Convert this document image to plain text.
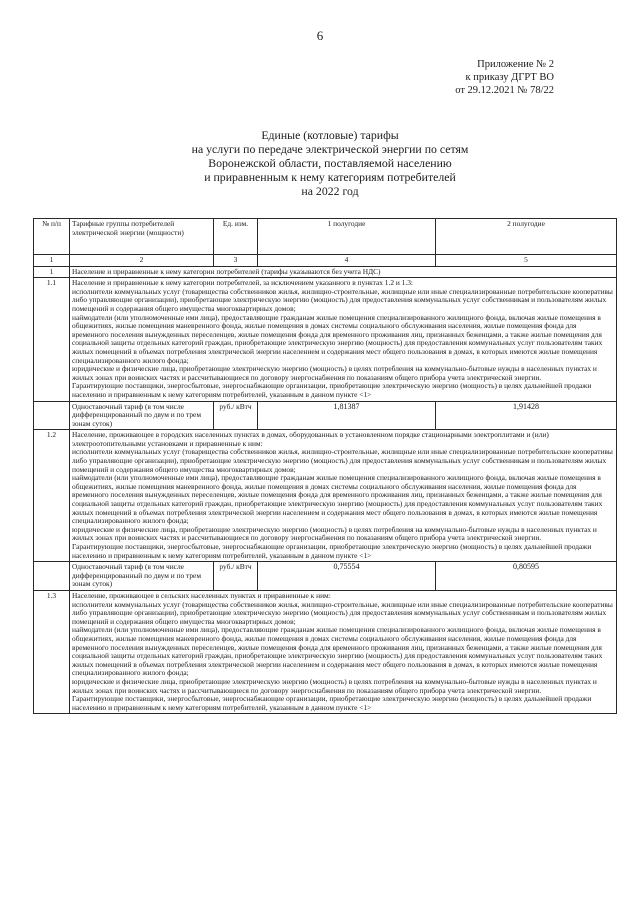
6
Приложение № 2
к приказу ДГРТ ВО
от 29.12.2021 № 78/22
Единые (котловые) тарифы
на услуги по передаче электрической энергии по сетям
Воронежской области, поставляемой населению
и приравненным к нему категориям потребителей
на 2022 год
№ п/п	Тарифные группы потребителей электрической энергии (мощности)	Ед. изм.	1 полугодие	2 полугодие
1	2	3	4	5
1	Население и приравненные к нему категории потребителей (тарифы указываются без учета НДС)			
1.1	Население и приравненные к нему категории потребителей, за исключением указанного в пунктах 1.2 и 1.3:

исполнители коммунальных услуг (товарищества собственников жилья, жилищно-строительные, жилищные или иные специализированные потребительские кооперативы либо управляющие организации), приобретающие электрическую энергию (мощность) для предоставления коммунальных услуг собственникам и пользователям жилых помещений и содержания общего имущества многоквартирных домов;

наймодатели (или уполномоченные ими лица), предоставляющие гражданам жилые помещения специализированного жилищного фонда, включая жилые помещения в общежитиях, жилые помещения маневренного фонда, жилые помещения в домах системы социального обслуживания населения, жилые помещения фонда для временного поселения вынужденных переселенцев, жилые помещения фонда для временного проживания лиц, признанных беженцами, а также жилые помещения для социальной защиты отдельных категорий граждан, приобретающие электрическую энергию (мощность) для предоставления коммунальных услуг пользователям таких жилых помещений в объемах потребления электрической энергии населением и содержания мест общего пользования в домах, в которых имеются жилые помещения специализированного жилого фонда;

юридические и физические лица, приобретающие электрическую энергию (мощность) в целях потребления на коммунально-бытовые нужды в населенных пунктах и жилых зонах при воинских частях и рассчитывающиеся по договору энергоснабжения по показаниям общего прибора учета электрической энергии.

Гарантирующие поставщики, энергосбытовые, энергоснабжающие организации, приобретающие электрическую энергию (мощность) в целях дальнейшей продажи населению и приравненным к нему категориям потребителей, указанным в данном пункте <1>			

	Одноставочный тариф (в том числе дифференцированный по двум и по трем зонам суток)	руб./ кВтч	1,81387	1,91428
1.2	Население, проживающее в городских населенных пунктах в домах, оборудованных в установленном порядке стационарными электроплитами и (или) электроотопительными установками и приравненные к ним:

исполнители коммунальных услуг (товарищества собственников жилья, жилищно-строительные, жилищные или иные специализированные потребительские кооперативы либо управляющие организации), приобретающие электрическую энергию (мощность) для предоставления коммунальных услуг собственникам и пользователям жилых помещений и содержания общего имущества многоквартирных домов;

наймодатели (или уполномоченные ими лица), предоставляющие гражданам жилые помещения специализированного жилищного фонда, включая жилые помещения в общежитиях, жилые помещения маневренного фонда, жилые помещения в домах системы социального обслуживания населения, жилые помещения фонда для временного поселения вынужденных переселенцев, жилые помещения фонда для временного проживания лиц, признанных беженцами, а также жилые помещения для социальной защиты отдельных категорий граждан, приобретающие электрическую энергию (мощность) для предоставления коммунальных услуг пользователям таких жилых помещений в объемах потребления электрической энергии населением и содержания мест общего пользования в домах, в которых имеются жилые помещения специализированного жилого фонда;

юридические и физические лица, приобретающие электрическую энергию (мощность) в целях потребления на коммунально-бытовые нужды в населенных пунктах и жилых зонах при воинских частях и рассчитывающиеся по договору энергоснабжения по показаниям общего прибора учета электрической энергии.

Гарантирующие поставщики, энергосбытовые, энергоснабжающие организации, приобретающие электрическую энергию (мощность) в целях дальнейшей продажи населению и приравненным к нему категориям потребителей, указанным в данном пункте <1>			

	Одноставочный тариф (в том числе дифференцированный по двум и по трем зонам суток)	руб./ кВтч	0,75554	0,80595
1.3	Население, проживающее в сельских населенных пунктах и приравненные к ним:

исполнители коммунальных услуг (товарищества собственников жилья, жилищно-строительные, жилищные или иные специализированные потребительские кооперативы либо управляющие организации), приобретающие электрическую энергию (мощность) для предоставления коммунальных услуг собственникам и пользователям жилых помещений и содержания общего имущества многоквартирных домов;

наймодатели (или уполномоченные ими лица), предоставляющие гражданам жилые помещения специализированного жилищного фонда, включая жилые помещения в общежитиях, жилые помещения маневренного фонда, жилые помещения в домах системы социального обслуживания населения, жилые помещения фонда для временного поселения вынужденных переселенцев, жилые помещения фонда для временного проживания лиц, признанных беженцами, а также жилые помещения для социальной защиты отдельных категорий граждан, приобретающие электрическую энергию (мощность) для предоставления коммунальных услуг пользователям таких жилых помещений в объемах потребления электрической энергии населением и содержания мест общего пользования в домах, в которых имеются жилые помещения специализированного жилого фонда;

юридические и физические лица, приобретающие электрическую энергию (мощность) в целях потребления на коммунально-бытовые нужды в населенных пунктах и жилых зонах при воинских частях и рассчитывающиеся по договору энергоснабжения по показаниям общего прибора учета электрической энергии.

Гарантирующие поставщики, энергосбытовые, энергоснабжающие организации, приобретающие электрическую энергию (мощность) в целях дальнейшей продажи населению и приравненным к нему категориям потребителей, указанным в данном пункте <1>			
